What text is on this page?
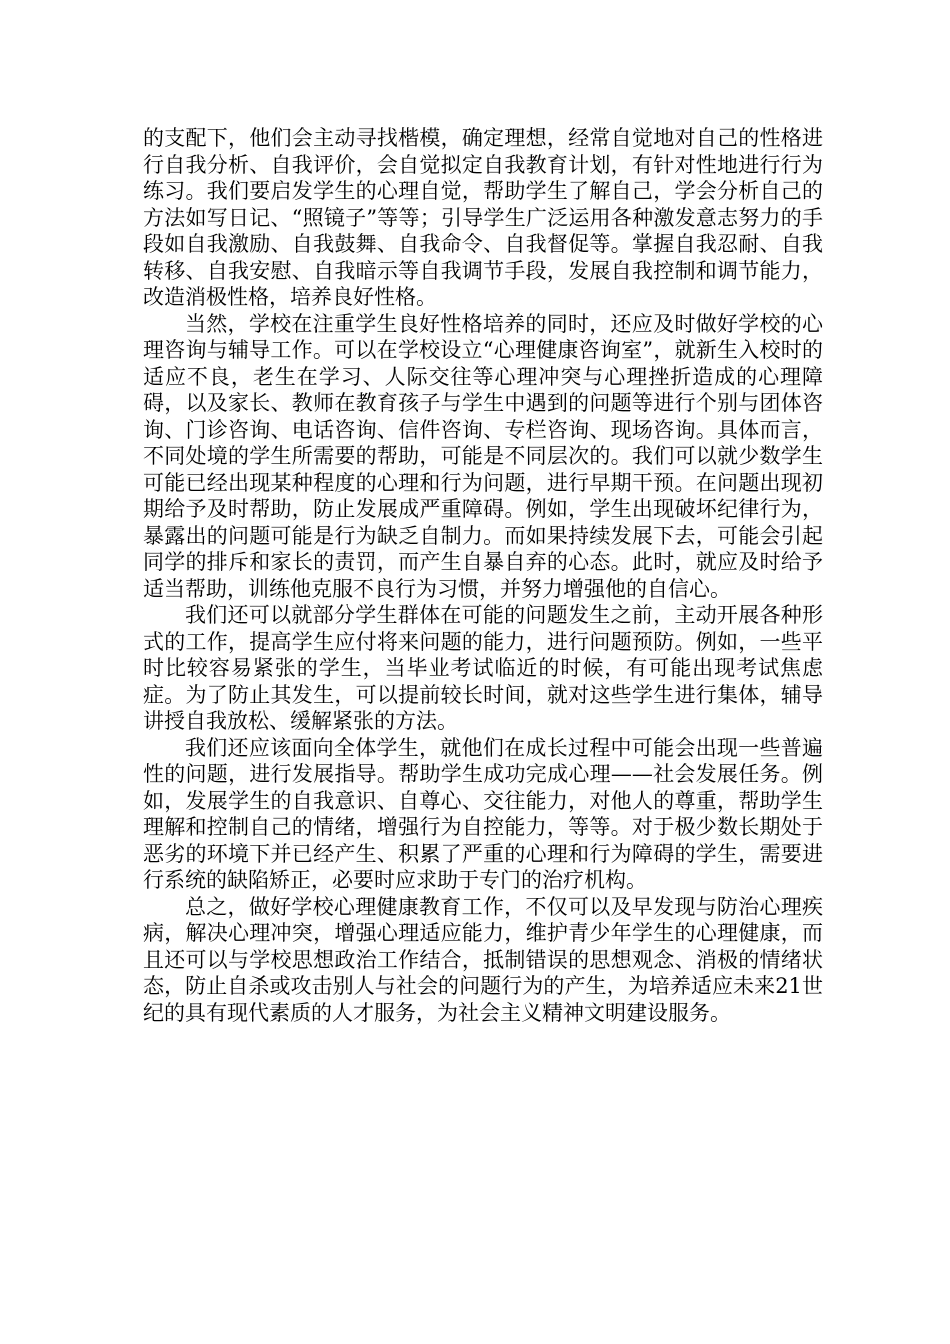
的支配下，他们会主动寻找楷模，确定理想，经常自觉地对自己的性格进行自我分析、自我评价，会自觉拟定自我教育计划，有针对性地进行行为练习。我们要启发学生的心理自觉，帮助学生了解自己，学会分析自己的方法如写日记、“照镜子”等等；引导学生广泛运用各种激发意志努力的手段如自我激励、自我鼓舞、自我命令、自我督促等。掌握自我忍耐、自我转移、自我安慰、自我暗示等自我调节手段，发展自我控制和调节能力，改造消极性格，培养良好性格。

当然，学校在注重学生良好性格培养的同时，还应及时做好学校的心理咨询与辅导工作。可以在学校设立“心理健康咨询室”，就新生入校时的适应不良，老生在学习、人际交往等心理冲突与心理挫折造成的心理障碍，以及家长、教师在教育孩子与学生中遇到的问题等进行个别与团体咨询、门诊咨询、电话咨询、信件咨询、专栏咨询、现场咨询。具体而言，不同处境的学生所需要的帮助，可能是不同层次的。我们可以就少数学生可能已经出现某种程度的心理和行为问题，进行早期干预。在问题出现初期给予及时帮助，防止发展成严重障碍。例如，学生出现破坏纪律行为，暴露出的问题可能是行为缺乏自制力。而如果持续发展下去，可能会引起同学的排斥和家长的责罚，而产生自暴自弃的心态。此时，就应及时给予适当帮助，训练他克服不良行为习惯，并努力增强他的自信心。

我们还可以就部分学生群体在可能的问题发生之前，主动开展各种形式的工作，提高学生应付将来问题的能力，进行问题预防。例如，一些平时比较容易紧张的学生，当毕业考试临近的时候，有可能出现考试焦虑症。为了防止其发生，可以提前较长时间，就对这些学生进行集体，辅导讲授自我放松、缓解紧张的方法。

我们还应该面向全体学生，就他们在成长过程中可能会出现一些普遍性的问题，进行发展指导。帮助学生成功完成心理——社会发展任务。例如，发展学生的自我意识、自尊心、交往能力，对他人的尊重，帮助学生理解和控制自己的情绪，增强行为自控能力，等等。对于极少数长期处于恶劣的环境下并已经产生、积累了严重的心理和行为障碍的学生，需要进行系统的缺陷矫正，必要时应求助于专门的治疗机构。

总之，做好学校心理健康教育工作，不仅可以及早发现与防治心理疾病，解决心理冲突，增强心理适应能力，维护青少年学生的心理健康，而且还可以与学校思想政治工作结合，抵制错误的思想观念、消极的情绪状态，防止自杀或攻击别人与社会的问题行为的产生，为培养适应未来21世纪的具有现代素质的人才服务，为社会主义精神文明建设服务。
